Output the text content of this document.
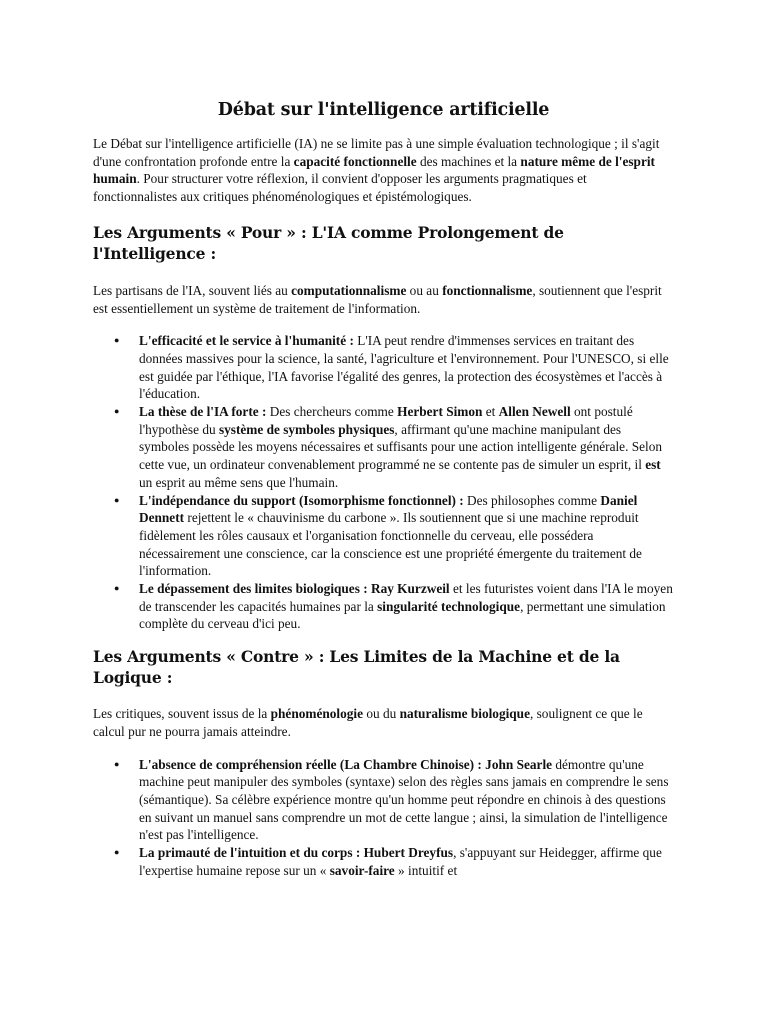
Débat sur l'intelligence artificielle

Le Débat sur l'intelligence artificielle (IA) ne se limite pas à une simple évaluation technologique ; il s'agit d'une confrontation profonde entre la capacité fonctionnelle des machines et la nature même de l'esprit humain. Pour structurer votre réflexion, il convient d'opposer les arguments pragmatiques et fonctionnalistes aux critiques phénoménologiques et épistémologiques.

Les Arguments « Pour » : L'IA comme Prolongement de l'Intelligence :

Les partisans de l'IA, souvent liés au computationnalisme ou au fonctionnalisme, soutiennent que l'esprit est essentiellement un système de traitement de l'information.

● L'efficacité et le service à l'humanité : L'IA peut rendre d'immenses services en traitant des données massives pour la science, la santé, l'agriculture et l'environnement. Pour l'UNESCO, si elle est guidée par l'éthique, l'IA favorise l'égalité des genres, la protection des écosystèmes et l'accès à l'éducation.
● La thèse de l'IA forte : Des chercheurs comme Herbert Simon et Allen Newell ont postulé l'hypothèse du système de symboles physiques, affirmant qu'une machine manipulant des symboles possède les moyens nécessaires et suffisants pour une action intelligente générale. Selon cette vue, un ordinateur convenablement programmé ne se contente pas de simuler un esprit, il est un esprit au même sens que l'humain.
● L'indépendance du support (Isomorphisme fonctionnel) : Des philosophes comme Daniel Dennett rejettent le « chauvinisme du carbone ». Ils soutiennent que si une machine reproduit fidèlement les rôles causaux et l'organisation fonctionnelle du cerveau, elle possédera nécessairement une conscience, car la conscience est une propriété émergente du traitement de l'information.
● Le dépassement des limites biologiques : Ray Kurzweil et les futuristes voient dans l'IA le moyen de transcender les capacités humaines par la singularité technologique, permettant une simulation complète du cerveau d'ici peu.
Les Arguments « Contre » : Les Limites de la Machine et de la Logique :

Les critiques, souvent issus de la phénoménologie ou du naturalisme biologique, soulignent ce que le calcul pur ne pourra jamais atteindre.

● L'absence de compréhension réelle (La Chambre Chinoise) : John Searle démontre qu'une machine peut manipuler des symboles (syntaxe) selon des règles sans jamais en comprendre le sens (sémantique). Sa célèbre expérience montre qu'un homme peut répondre en chinois à des questions en suivant un manuel sans comprendre un mot de cette langue ; ainsi, la simulation de l'intelligence n'est pas l'intelligence.
● La primauté de l'intuition et du corps : Hubert Dreyfus, s'appuyant sur Heidegger, affirme que l'expertise humaine repose sur un « savoir-faire » intuitif et
